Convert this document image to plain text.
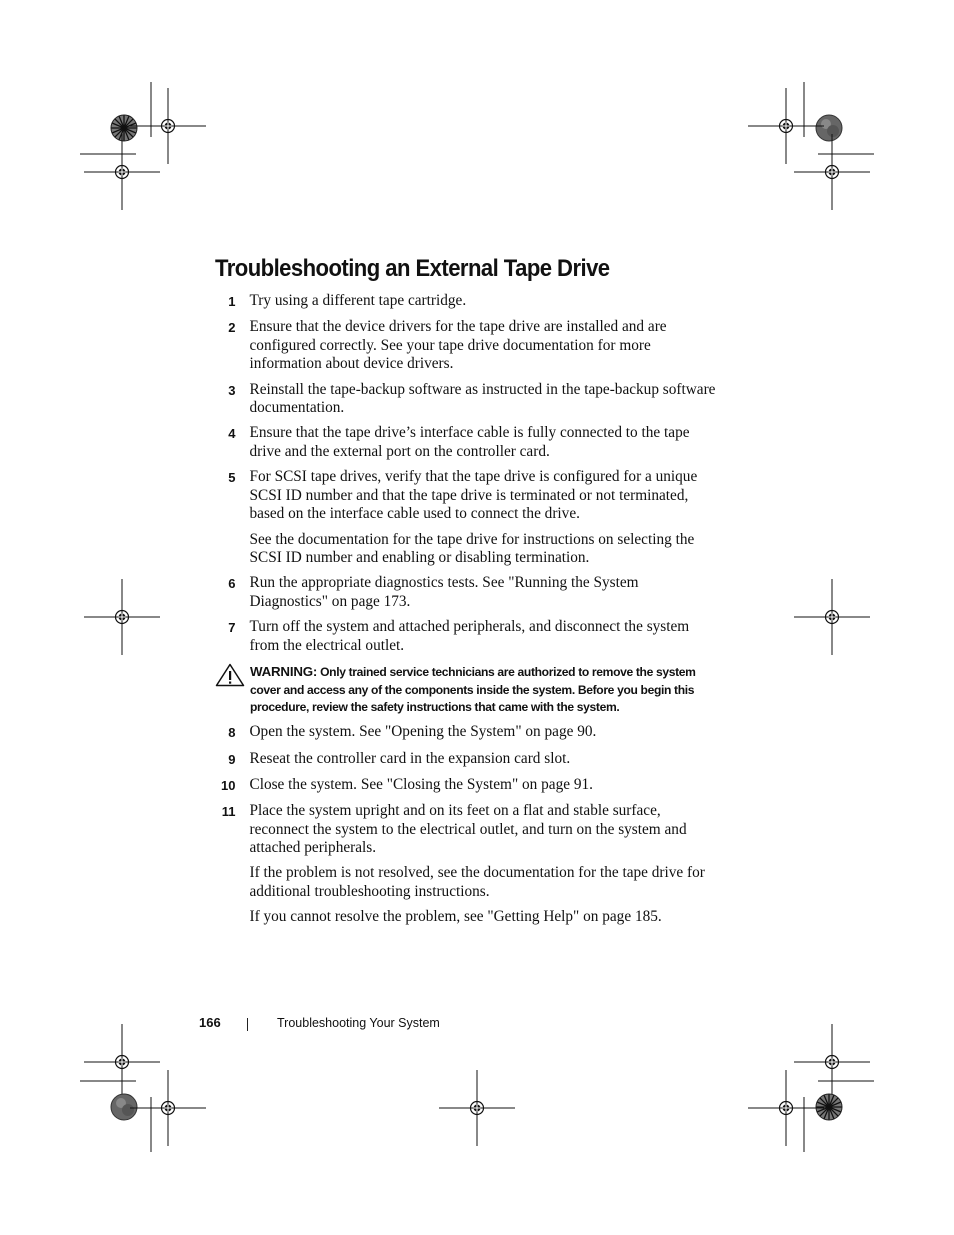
Troubleshooting an External Tape Drive
1 Try using a different tape cartridge.

2 Ensure that the device drivers for the tape drive are installed and are configured correctly. See your tape drive documentation for more information about device drivers.

3 Reinstall the tape-backup software as instructed in the tape-backup software documentation.

4 Ensure that the tape drive’s interface cable is fully connected to the tape drive and the external port on the controller card.

5 For SCSI tape drives, verify that the tape drive is configured for a unique SCSI ID number and that the tape drive is terminated or not terminated, based on the interface cable used to connect the drive.

See the documentation for the tape drive for instructions on selecting the SCSI ID number and enabling or disabling termination.

6 Run the appropriate diagnostics tests. See "Running the System Diagnostics" on page 173.

7 Turn off the system and attached peripherals, and disconnect the system from the electrical outlet.

WARNING: Only trained service technicians are authorized to remove the system cover and access any of the components inside the system. Before you begin this procedure, review the safety instructions that came with the system.
8 Open the system. See "Opening the System" on page 90.

9 Reseat the controller card in the expansion card slot.

10 Close the system. See "Closing the System" on page 91.

11 Place the system upright and on its feet on a flat and stable surface, reconnect the system to the electrical outlet, and turn on the system and attached peripherals.

If the problem is not resolved, see the documentation for the tape drive for additional troubleshooting instructions.

If you cannot resolve the problem, see "Getting Help" on page 185.

166	Troubleshooting Your System
